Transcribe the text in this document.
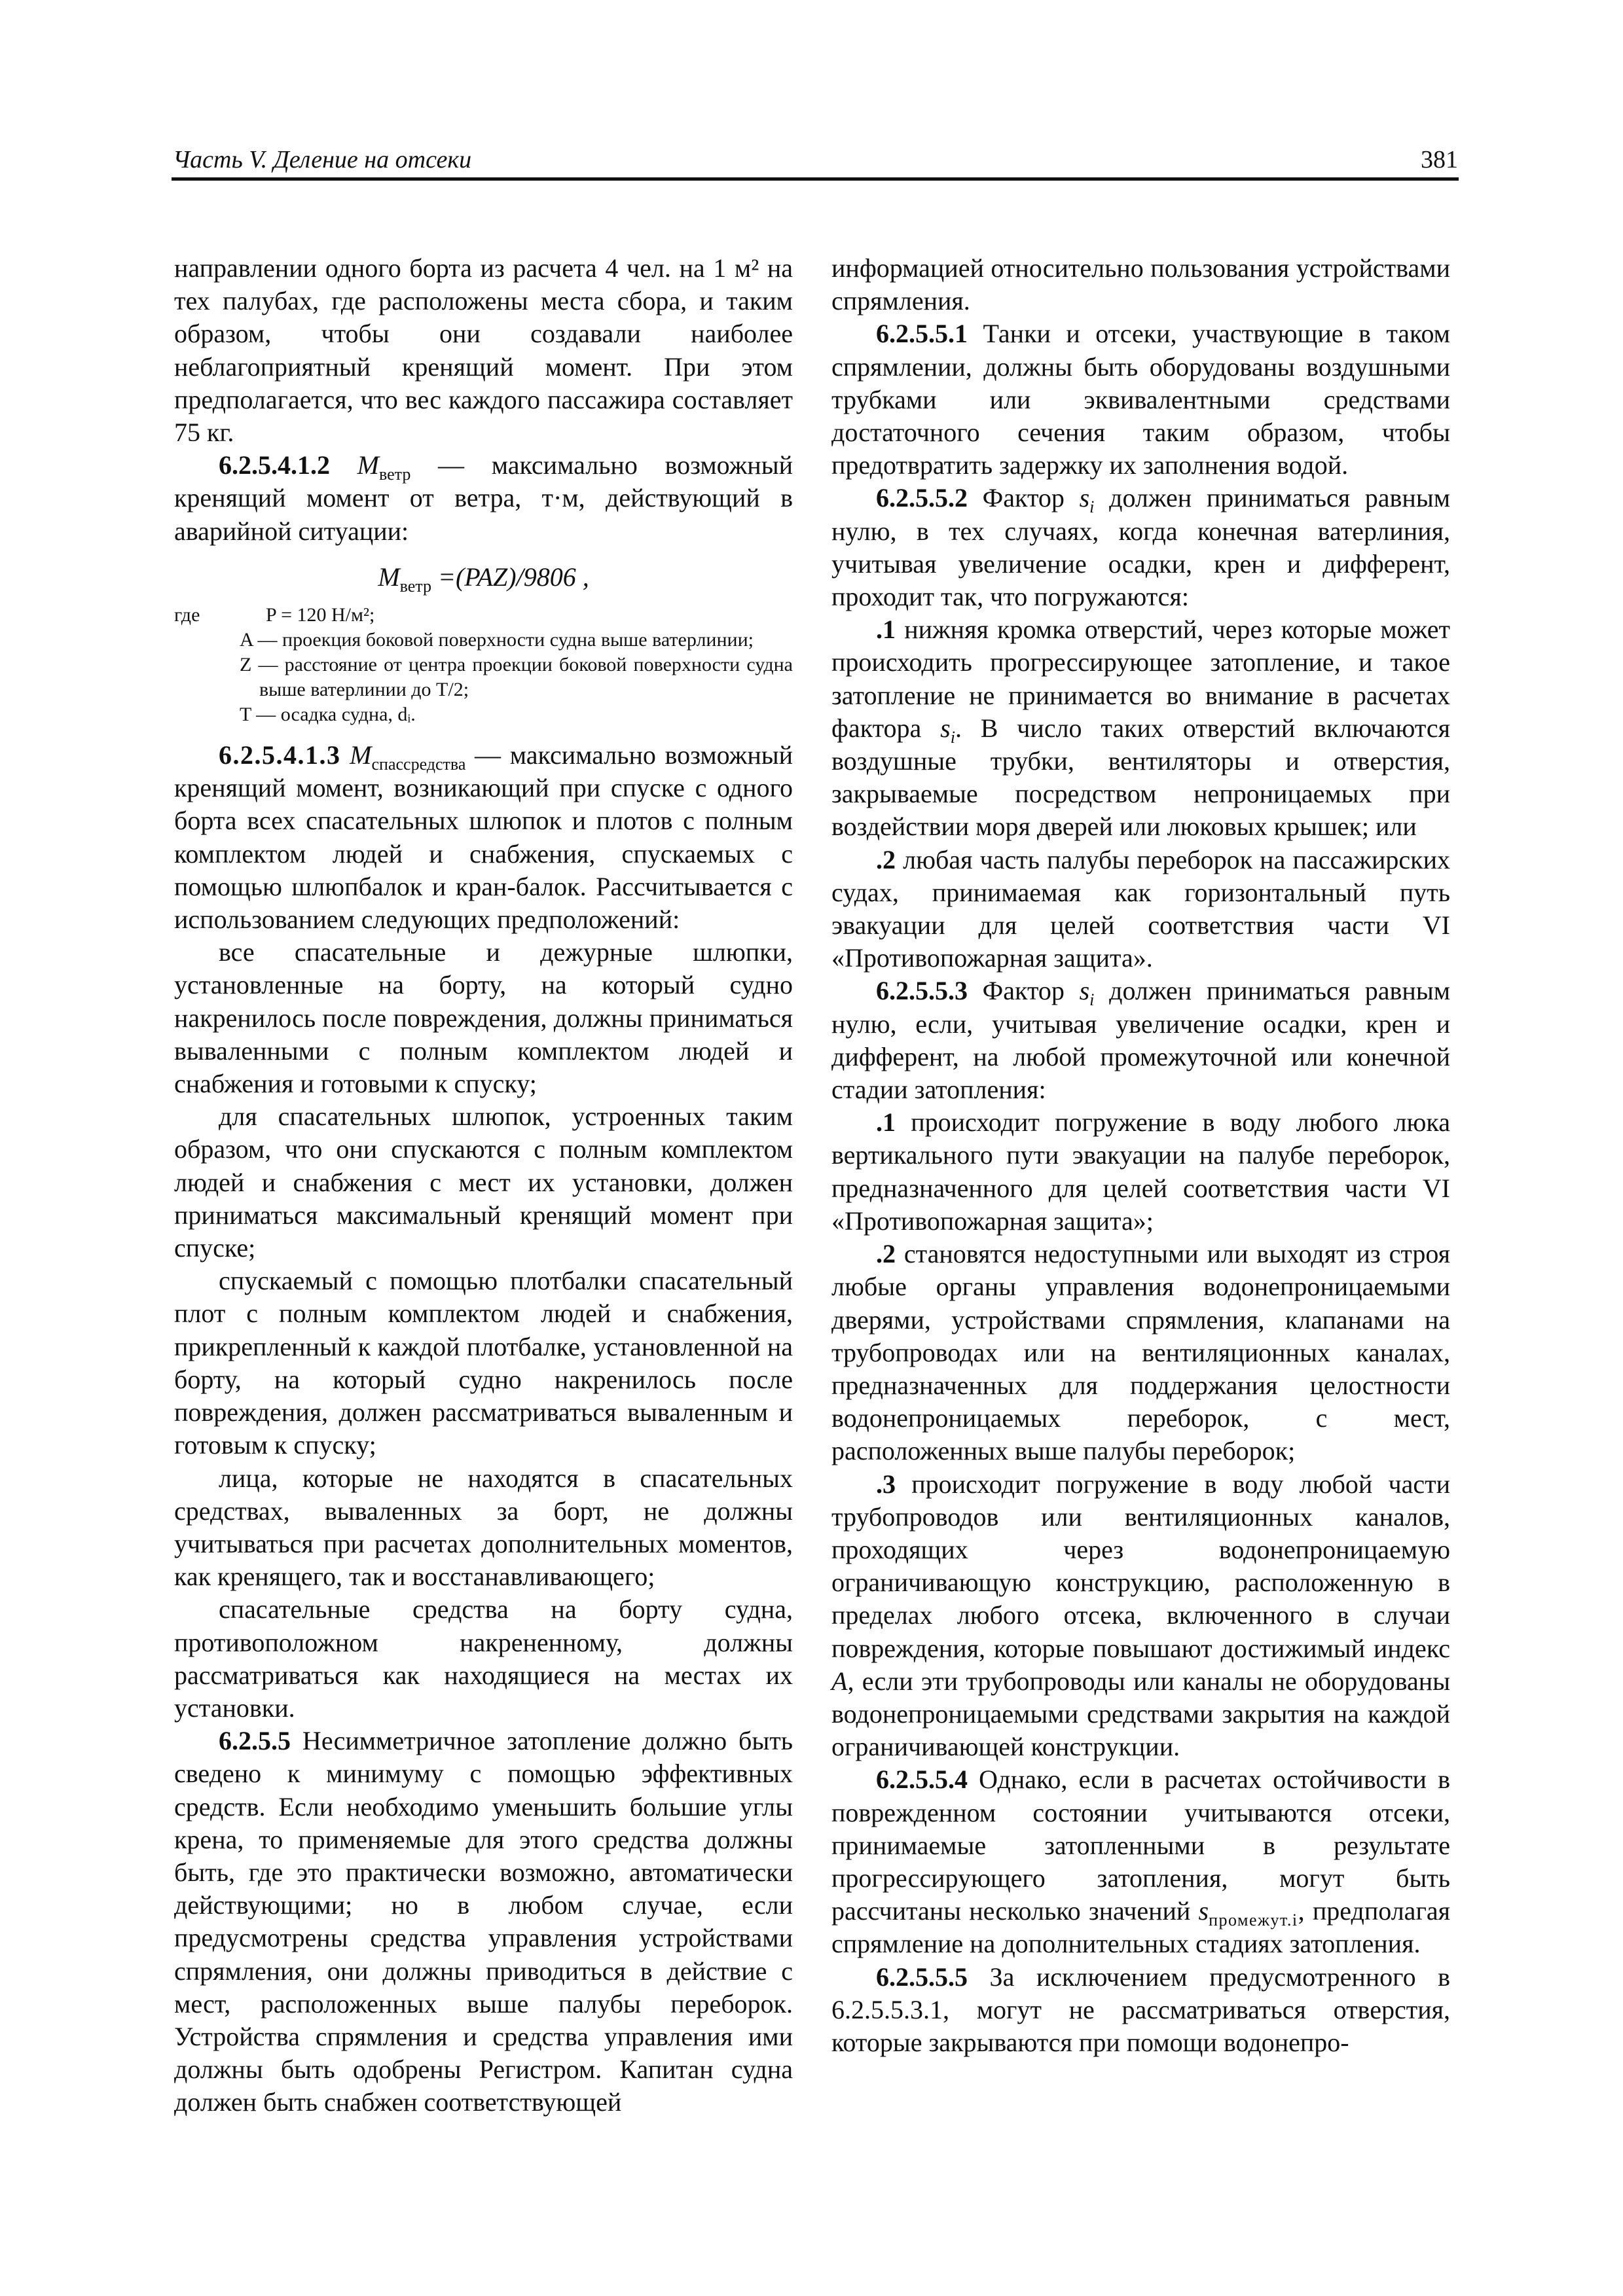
Часть V. Деление на отсеки	381

направлении одного борта из расчета 4 чел. на 1 м² на тех палубах, где расположены места сбора, и таким образом, чтобы они создавали наиболее неблагоприятный кренящий момент. При этом предполагается, что вес каждого пассажира составляет 75 кг.

6.2.5.4.1.2 $M_{ветр}$ — максимально возможный кренящий момент от ветра, т·м, действующий в аварийной ситуации:

$M_{ветр} =(PAZ)/9806$ ,

где	P = 120 Н/м²;
A — проекция боковой поверхности судна выше ватерлинии;
Z — расстояние от центра проекции боковой поверхности судна выше ватерлинии до T/2;
T — осадка судна, dᵢ.

6.2.5.4.1.3 $M_{спассредства}$ — максимально возможный кренящий момент, возникающий при спуске с одного борта всех спасательных шлюпок и плотов с полным комплектом людей и снабжения, спускаемых с помощью шлюпбалок и кран-балок. Рассчитывается с использованием следующих предположений:

все спасательные и дежурные шлюпки, установленные на борту, на который судно накренилось после повреждения, должны приниматься вываленными с полным комплектом людей и снабжения и готовыми к спуску;

для спасательных шлюпок, устроенных таким образом, что они спускаются с полным комплектом людей и снабжения с мест их установки, должен приниматься максимальный кренящий момент при спуске;

спускаемый с помощью плотбалки спасательный плот с полным комплектом людей и снабжения, прикрепленный к каждой плотбалке, установленной на борту, на который судно накренилось после повреждения, должен рассматриваться вываленным и готовым к спуску;

лица, которые не находятся в спасательных средствах, вываленных за борт, не должны учитываться при расчетах дополнительных моментов, как кренящего, так и восстанавливающего;

спасательные средства на борту судна, противоположном накрененному, должны рассматриваться как находящиеся на местах их установки.

6.2.5.5 Несимметричное затопление должно быть сведено к минимуму с помощью эффективных средств. Если необходимо уменьшить большие углы крена, то применяемые для этого средства должны быть, где это практически возможно, автоматически действующими; но в любом случае, если предусмотрены средства управления устройствами спрямления, они должны приводиться в действие с мест, расположенных выше палубы переборок. Устройства спрямления и средства управления ими должны быть одобрены Регистром. Капитан судна должен быть снабжен соответствующей

информацией относительно пользования устройствами спрямления.

6.2.5.5.1 Танки и отсеки, участвующие в таком спрямлении, должны быть оборудованы воздушными трубками или эквивалентными средствами достаточного сечения таким образом, чтобы предотвратить задержку их заполнения водой.

6.2.5.5.2 Фактор $s_i$ должен приниматься равным нулю, в тех случаях, когда конечная ватерлиния, учитывая увеличение осадки, крен и дифферент, проходит так, что погружаются:

.1 нижняя кромка отверстий, через которые может происходить прогрессирующее затопление, и такое затопление не принимается во внимание в расчетах фактора $s_i$. В число таких отверстий включаются воздушные трубки, вентиляторы и отверстия, закрываемые посредством непроницаемых при воздействии моря дверей или люковых крышек; или

.2 любая часть палубы переборок на пассажирских судах, принимаемая как горизонтальный путь эвакуации для целей соответствия части VI «Противопожарная защита».

6.2.5.5.3 Фактор $s_i$ должен приниматься равным нулю, если, учитывая увеличение осадки, крен и дифферент, на любой промежуточной или конечной стадии затопления:

.1 происходит погружение в воду любого люка вертикального пути эвакуации на палубе переборок, предназначенного для целей соответствия части VI «Противопожарная защита»;

.2 становятся недоступными или выходят из строя любые органы управления водонепроницаемыми дверями, устройствами спрямления, клапанами на трубопроводах или на вентиляционных каналах, предназначенных для поддержания целостности водонепроницаемых переборок, с мест, расположенных выше палубы переборок;

.3 происходит погружение в воду любой части трубопроводов или вентиляционных каналов, проходящих через водонепроницаемую ограничивающую конструкцию, расположенную в пределах любого отсека, включенного в случаи повреждения, которые повышают достижимый индекс A, если эти трубопроводы или каналы не оборудованы водонепроницаемыми средствами закрытия на каждой ограничивающей конструкции.

6.2.5.5.4 Однако, если в расчетах остойчивости в поврежденном состоянии учитываются отсеки, принимаемые затопленными в результате прогрессирующего затопления, могут быть рассчитаны несколько значений $s_{промежут.i}$, предполагая спрямление на дополнительных стадиях затопления.

6.2.5.5.5 За исключением предусмотренного в 6.2.5.5.3.1, могут не рассматриваться отверстия, которые закрываются при помощи водонепро-
